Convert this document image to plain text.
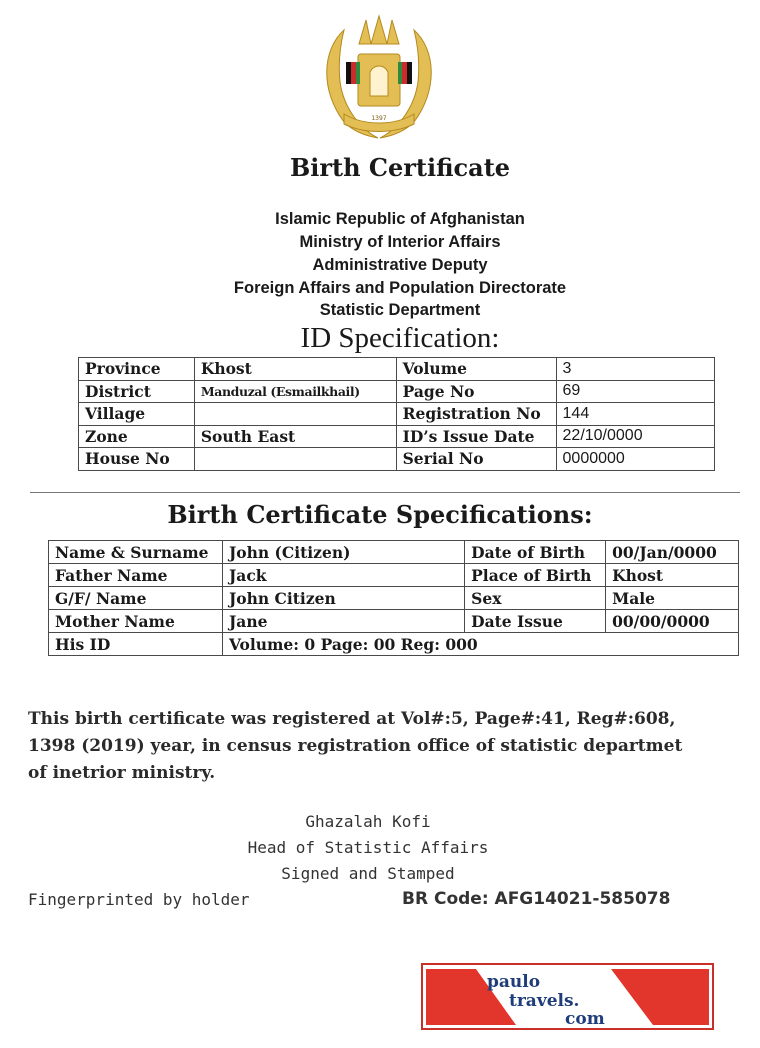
1397
Birth Certificate
Islamic Republic of Afghanistan
Ministry of Interior Affairs
Administrative Deputy
Foreign Affairs and Population Directorate
Statistic Department
ID Specification:
Province	Khost	Volume	3
District	Manduzal (Esmailkhail)	Page No	69
Village		Registration No	144
Zone	South East	ID’s Issue Date	22/10/0000
House No		Serial No	0000000
Birth Certificate Specifications:
Name & Surname	John (Citizen)	Date of Birth	00/Jan/0000
Father Name	Jack	Place of Birth	Khost
G/F/ Name	John Citizen	Sex	Male
Mother Name	Jane	Date Issue	00/00/0000
His ID	Volume: 0 Page: 00 Reg: 000		
This birth certificate was registered at Vol#:5, Page#:41, Reg#:608,
1398 (2019) year, in census registration office of statistic departmet
of inetrior ministry.
Ghazalah Kofi
Head of Statistic Affairs
Signed and Stamped
Fingerprinted by holder	BR Code: AFG14021-585078
paulo
travels.
com
